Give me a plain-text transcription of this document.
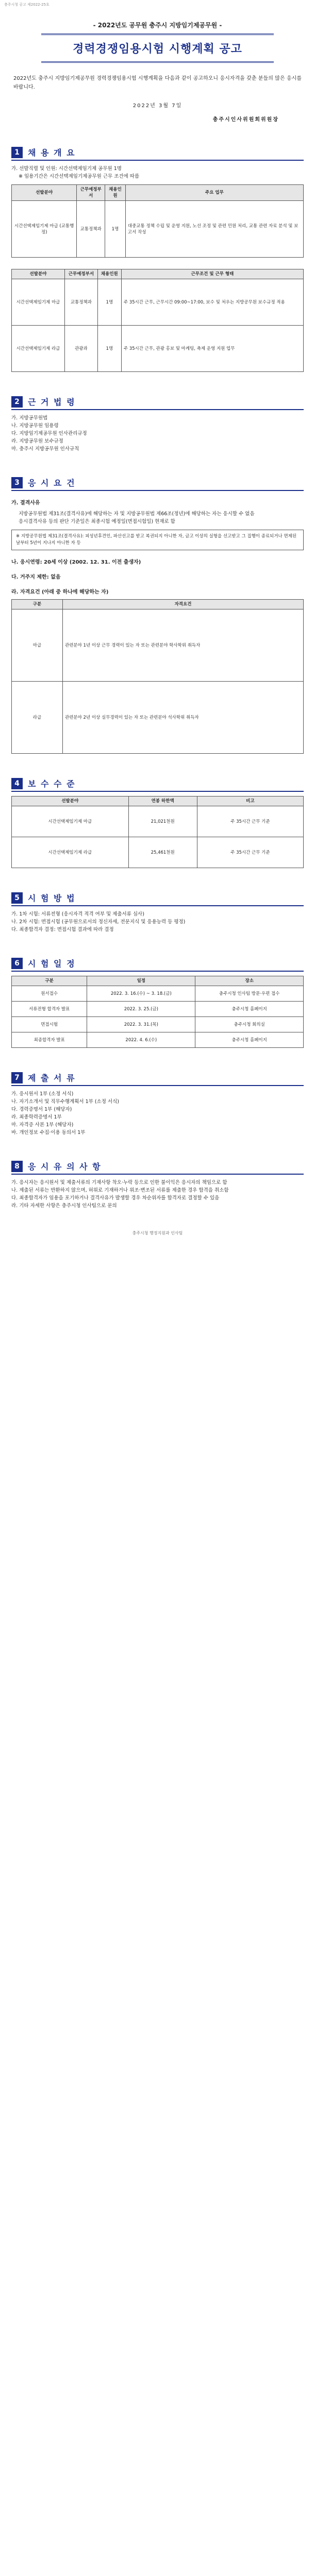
충주시청 공고 제2022-25호
- 2022년도 공무원 충주시 지방임기제공무원 -
경력경쟁임용시험 시행계획 공고
2022년도 충주시 지방임기제공무원 경력경쟁임용시험 시행계획을 다음과 같이 공고하오니 응시자격을 갖춘 분들의 많은 응시를 바랍니다.
2022년 3월 7일
충주시인사위원회위원장
1	채 용 개 요
가. 선발직렬 및 인원: 시간선택제임기제 공무원 1명
※ 임용기간은 시간선택제임기제공무원 근무 조건에 따름
선발분야	근무예정부서	채용인원	주요 업무
시간선택제임기제 마급 (교통행정)	교통정책과	1명	대중교통 정책 수립 및 운영 지원, 노선 조정 및 관련 민원 처리, 교통 관련 자료 분석 및 보고서 작성
선발분야	근무예정부서	채용인원	근무조건 및 근무 형태
시간선택제임기제 마급	교통정책과	1명	주 35시간 근무, 근무시간 09:00~17:00, 보수 및 처우는 지방공무원 보수규정 적용
시간선택제임기제 라급	관광과	1명	주 35시간 근무, 관광 홍보 및 마케팅, 축제 운영 지원 업무
2	근 거 법 령
가. 지방공무원법
나. 지방공무원 임용령
다. 지방임기제공무원 인사관리규정
라. 지방공무원 보수규정
마. 충주시 지방공무원 인사규칙
3	응 시 요 건
가. 결격사유
지방공무원법 제31조(결격사유)에 해당하는 자 및 지방공무원법 제66조(정년)에 해당하는 자는 응시할 수 없음
응시결격사유 등의 판단 기준일은 최종시험 예정일(면접시험일) 현재로 함
※ 지방공무원법 제31조(결격사유): 피성년후견인, 파산선고를 받고 복권되지 아니한 자, 금고 이상의 실형을 선고받고 그 집행이 종료되거나 면제된 날부터 5년이 지나지 아니한 자 등
나. 응시연령: 20세 이상 (2002. 12. 31. 이전 출생자)
다. 거주지 제한: 없음
라. 자격요건 (아래 중 하나에 해당하는 자)
구분	자격요건
마급	관련분야 1년 이상 근무 경력이 있는 자 또는 관련분야 학사학위 취득자
라급	관련분야 2년 이상 실무경력이 있는 자 또는 관련분야 석사학위 취득자
4	보 수 수 준
선발분야	연봉 하한액	비고
시간선택제임기제 마급	21,021천원	주 35시간 근무 기준
시간선택제임기제 라급	25,461천원	주 35시간 근무 기준
5	시 험 방 법
가. 1차 시험: 서류전형 (응시자격 적격 여부 및 제출서류 심사)
나. 2차 시험: 면접시험 (공무원으로서의 정신자세, 전문지식 및 응용능력 등 평정)
다. 최종합격자 결정: 면접시험 결과에 따라 결정
6	시 험 일 정
구분	일정	장소
원서접수	2022. 3. 16.(수) ~ 3. 18.(금)	충주시청 인사팀 방문·우편 접수
서류전형 합격자 발표	2022. 3. 25.(금)	충주시청 홈페이지
면접시험	2022. 3. 31.(목)	충주시청 회의실
최종합격자 발표	2022. 4. 6.(수)	충주시청 홈페이지
7	제 출 서 류
가. 응시원서 1부 (소정 서식)
나. 자기소개서 및 직무수행계획서 1부 (소정 서식)
다. 경력증명서 1부 (해당자)
라. 최종학력증명서 1부
마. 자격증 사본 1부 (해당자)
바. 개인정보 수집·이용 동의서 1부
8	응 시 유 의 사 항
가. 응시자는 응시원서 및 제출서류의 기재사항 착오·누락 등으로 인한 불이익은 응시자의 책임으로 함
나. 제출된 서류는 반환하지 않으며, 허위로 기재하거나 위조·변조된 서류를 제출한 경우 합격을 취소함
다. 최종합격자가 임용을 포기하거나 결격사유가 발생할 경우 차순위자를 합격자로 결정할 수 있음
라. 기타 자세한 사항은 충주시청 인사팀으로 문의
충주시청 행정지원과 인사팀
